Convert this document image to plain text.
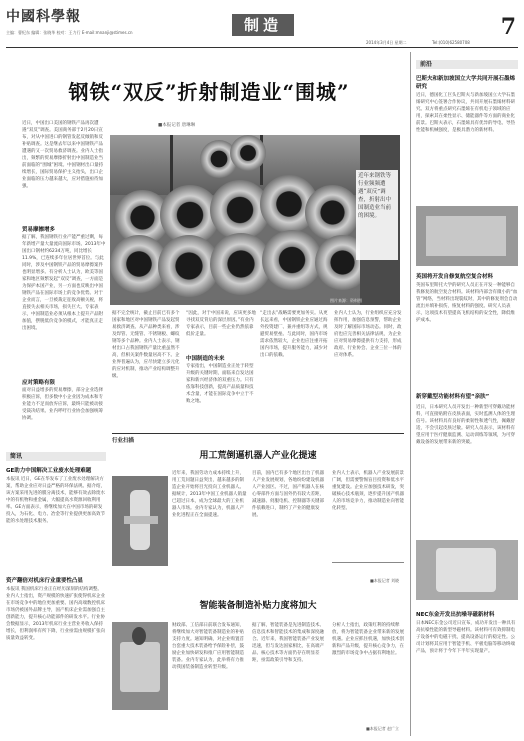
中國科學報
主编：曹纪东 编辑：张晓华 校对：王力行 E-mail:mnanji@stimes.cn	制造
2014年3月4日 星期二	Tel:(010)62580708
7
钢铁“双反”折射制造业“围城”
■本报记者 唐琳琳
近日，中国出口美国的钢铁产品再次遭遇“双反”调查。美国商务部于2月20日宣布，对从中国进口的钢管发起反倾销和反补贴调查。这是继去年以来中国钢铁产品遭遇的又一次贸易救济调查。业内人士指出，频繁的贸易摩擦折射出中国制造业当前面临的“围城”困境。中国钢材出口量持续增长，国际贸易保护主义抬头，出口企业面临的压力越来越大，应对措施亟待加强。
贸易摩擦增多
据了解，我国钢铁行业产能严重过剩，每年新增产量大量流向国际市场。2013年中国出口钢材约6234万吨，同比增长11.9%，已连续多年位居世界首位。与此同时，涉及中国钢铁产品的贸易摩擦案件也明显增多。有分析人士认为，欧美等国家和地区频繁发起“双反”调查，一方面是为保护本国产业，另一方面也反映出中国钢铁产品在国际市场上的竞争优势。对于企业而言，一旦被裁定征收高额关税，将直接失去相关市场，损失巨大。专家表示，中国制造业必须从根本上提升产品附加值，摆脱低价竞争的模式，才能真正走出困境。
应对策略有限
面对日益增多的贸易摩擦，部分企业选择积极应诉，但多数中小企业因为成本和专业能力不足而放弃应诉，最终只能被动接受裁决结果。业内呼吁行业协会加强统筹协调。
近年来钢铁等行业频频遭遇“双反”调查，折射出中国制造业当前的困境。
图片来源：资料图
据不完全统计，截止目前已有多个国家和地区对中国钢铁产品发起贸易救济调查。从产品种类来看，涉及焊管、无缝管、不锈钢板、螺纹钢等多个品种。业内人士表示，钢材出口占我国钢铁产量比重虽然不高，但相关案件数量居高不下。企业界普遍认为，应尽快建立多元化的应对机制，推动产业结构调整升级。
“因此，对于中国来说，应该更多地寻找双反背后的深层原因。”有业内专家表示，目前一些企业仍然依靠低价走量。
中国制造的未来
专家指出，中国制造业正处于转型升级的关键时期，面临来自发达国家和新兴经济体的双重压力。只有依靠科技创新，提高产品质量和技术含量，才能在国际竞争中立于不败之地。
“走出去”战略需要更加务实。从更长远来看，中国钢铁企业应通过海外投资建厂、兼并重组等方式，规避贸易壁垒。与此同时，国内市场需求依然较大，企业也应注重开拓国内市场，提升服务能力，减少对出口的依赖。
业内人士认为，行业组织应充分发挥作用，加强信息预警，帮助企业及时了解国际市场动态。同时，政府也应完善相关法律法规，为企业应对贸易摩擦提供有力支持，形成政府、行业协会、企业三位一体的应对体系。
行业扫描
简讯
GE助力中国解决工业废水处理难题
本报讯 近日，GE在华发布了工业废水处理解决方案，帮助企业应对日益严格的环保法规。据介绍，该方案采用先进的膜分离技术，能够有效去除废水中的有机物和重金属，大幅提高水资源回收利用率。GE方面表示，将继续加大在中国市场的研发投入，为石化、电力、冶金等行业提供更加高效节能的水处理技术服务。
资产翻倍对机床行业重要性凸显
本报讯 我国机床行业正在经历深刻的结构调整。业内人士指出，资产规模的快速扩张使得机床企业在市场竞争中的地位更加重要。国内高端数控机床市场仍被国外品牌主导，国产机床企业需加强自主创新能力，提升核心功能部件的研发水平。行业协会数据显示，2013年机床行业主营业务收入保持增长，但利润率有所下降，行业亟需由规模扩张向质量效益转变。
用工荒倒逼机器人产业化提速
近年来，我国劳动力成本持续上升，用工荒问题日益突出，越来越多的制造企业开始将目光投向工业机器人。据统计，2013年中国工业机器人销量已超过日本，成为全球最大的工业机器人市场。业内专家认为，机器人产业化进程正在全面提速。
目前，国内已有多个地区出台了机器人产业发展规划，各地纷纷建设机器人产业园区。不过，国产机器人在核心零部件方面与国外仍有较大差距，减速器、伺服电机、控制器等关键部件依赖进口，制约了产业的健康发展。
业内人士表示，机器人产业发展前景广阔，但需要警惕盲目投资和低水平重复建设。企业应加强技术研发，突破核心技术瓶颈，逐步提升国产机器人的市场竞争力，推动制造业向智能化转型。
■本报记者 刘晓
智能装备制造补贴力度将加大
财政部、工信部日前联合发布通知，将继续加大对智能装备制造业的补贴支持力度。通知明确，对企业购置首台套重大技术装备给予保险补偿，鼓励企业加快研发和推广应用智能制造装备。业内专家认为，此举将有力推动我国装备制造业转型升级。
据了解，智能装备是先进制造技术、信息技术和智能技术的集成和深度融合。近年来，我国智能装备产业发展迅速，但与发达国家相比，在高端产品、核心技术等方面仍存在明显差距，亟需政策引导和支持。
分析人士指出，政策红利的持续释放，将为智能装备企业带来新的发展机遇。企业应抓住机遇，加快技术创新和产品升级，提升核心竞争力，在激烈的市场竞争中占据有利地位。
■本报记者 赵广立
前沿
巴斯夫和新加坡国立大学共同开展石墨烯研究
近日，德国化工巨头巴斯夫与新加坡国立大学石墨烯研究中心签署合作协议，共同开展石墨烯材料研究。双方将重点研究石墨烯在有机电子领域的应用，探索其在柔性显示、储能器件等方面的商业化前景。巴斯夫表示，石墨烯具有优异的导电、导热性能和机械强度，是极具潜力的新材料。
英国将开发自修复航空复合材料
英国布里斯托大学的研究人员正在开发一种能够自我修复的航空复合材料。该材料内部含有微小的“血管”网络，当材料出现裂纹时，其中的修复剂会自动流出并填补损伤，恢复材料的强度。研究人员表示，这项技术有望提高飞机结构的安全性，降低维护成本。
新穿戴型功能材料有望“亲肤”
近日，日本研究人员开发出一种新型可穿戴功能材料，可直接贴附在皮肤表面，实时监测人体的生理信号。该材料具有良好的柔韧性和透气性，佩戴舒适，不会引起皮肤过敏。研究人员表示，该材料有望应用于医疗健康监测、运动训练等领域，为可穿戴设备的发展带来新的突破。
NEC东金开发出抗噪导磁新材料
日本NEC东金公司近日宣布，成功开发出一种具有高抗噪性能的新型导磁材料。该材料可有效抑制电子设备中的电磁干扰，提高设备运行的稳定性。公司计划将其应用于智能手机、平板电脑等移动终端产品，预计将于今年下半年实现量产。
